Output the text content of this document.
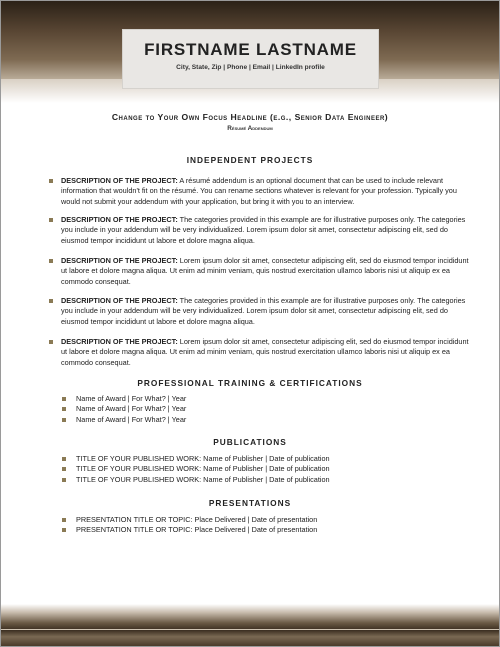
FIRSTNAME LASTNAME
City, State, Zip | Phone | Email | LinkedIn profile
Change to Your Own Focus Headline (e.g., Senior Data Engineer)
Résumé Addendum
INDEPENDENT PROJECTS
DESCRIPTION OF THE PROJECT: A résumé addendum is an optional document that can be used to include relevant information that wouldn't fit on the résumé. You can rename sections whatever is relevant for your profession. Typically you would not submit your addendum with your application, but bring it with you to an interview.
DESCRIPTION OF THE PROJECT: The categories provided in this example are for illustrative purposes only. The categories you include in your addendum will be very individualized. Lorem ipsum dolor sit amet, consectetur adipiscing elit, sed do eiusmod tempor incididunt ut labore et dolore magna aliqua.
DESCRIPTION OF THE PROJECT: Lorem ipsum dolor sit amet, consectetur adipiscing elit, sed do eiusmod tempor incididunt ut labore et dolore magna aliqua. Ut enim ad minim veniam, quis nostrud exercitation ullamco laboris nisi ut aliquip ex ea commodo consequat.
DESCRIPTION OF THE PROJECT: The categories provided in this example are for illustrative purposes only. The categories you include in your addendum will be very individualized. Lorem ipsum dolor sit amet, consectetur adipiscing elit, sed do eiusmod tempor incididunt ut labore et dolore magna aliqua.
DESCRIPTION OF THE PROJECT: Lorem ipsum dolor sit amet, consectetur adipiscing elit, sed do eiusmod tempor incididunt ut labore et dolore magna aliqua. Ut enim ad minim veniam, quis nostrud exercitation ullamco laboris nisi ut aliquip ex ea commodo consequat.
PROFESSIONAL TRAINING & CERTIFICATIONS
Name of Award | For What? | Year
Name of Award | For What? | Year
Name of Award | For What? | Year
PUBLICATIONS
TITLE OF YOUR PUBLISHED WORK: Name of Publisher | Date of publication
TITLE OF YOUR PUBLISHED WORK: Name of Publisher | Date of publication
TITLE OF YOUR PUBLISHED WORK: Name of Publisher | Date of publication
PRESENTATIONS
PRESENTATION TITLE OR TOPIC: Place Delivered | Date of presentation
PRESENTATION TITLE OR TOPIC: Place Delivered | Date of presentation
